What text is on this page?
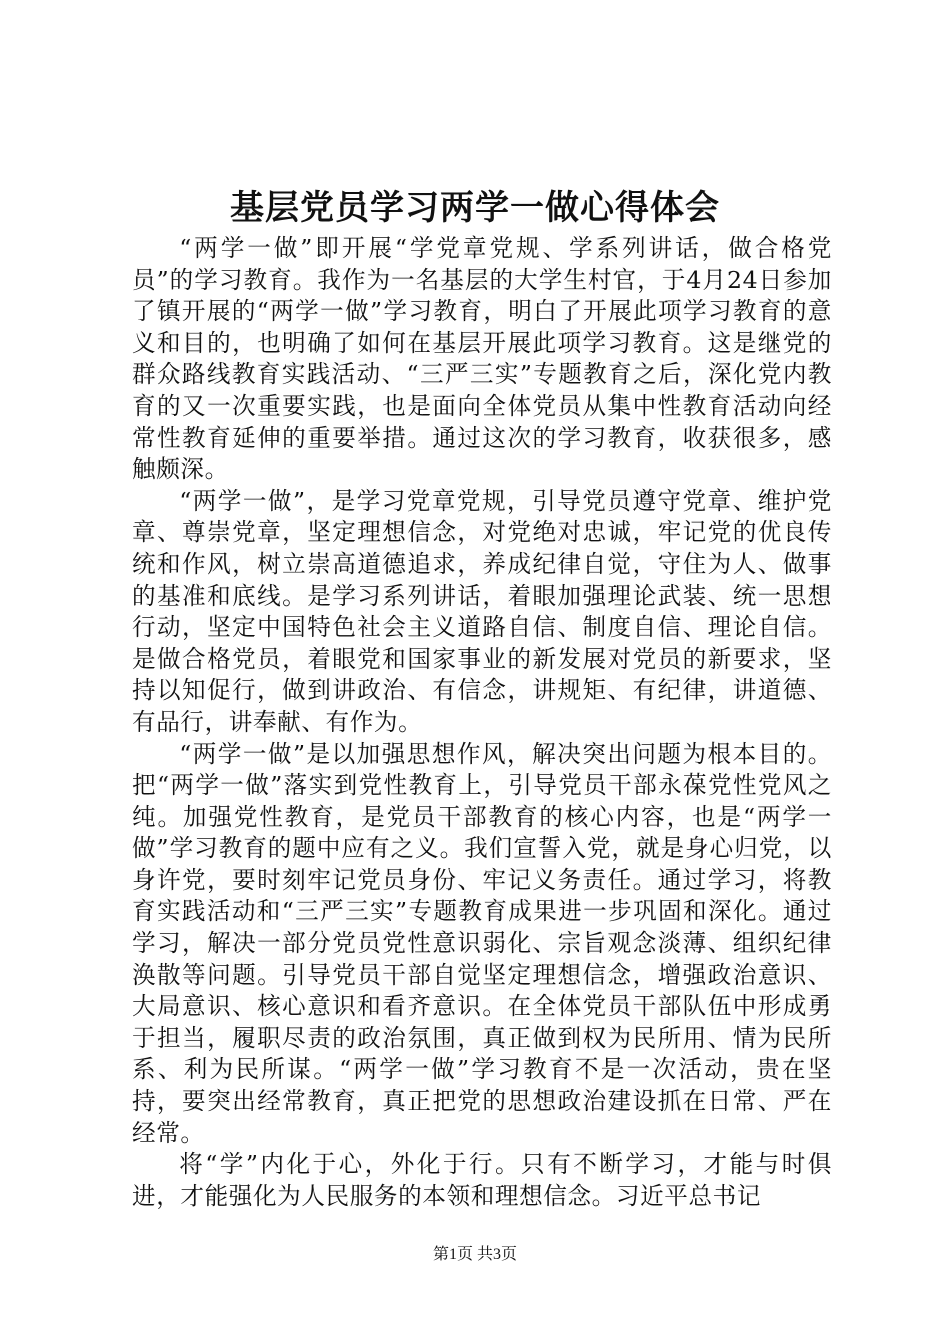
基层党员学习两学一做心得体会

“两学一做”即开展“学党章党规、学系列讲话，做合格党员”的学习教育。我作为一名基层的大学生村官，于4月24日参加了镇开展的“两学一做”学习教育，明白了开展此项学习教育的意义和目的，也明确了如何在基层开展此项学习教育。这是继党的群众路线教育实践活动、“三严三实”专题教育之后，深化党内教育的又一次重要实践，也是面向全体党员从集中性教育活动向经常性教育延伸的重要举措。通过这次的学习教育，收获很多，感触颇深。

“两学一做”，是学习党章党规，引导党员遵守党章、维护党章、尊崇党章，坚定理想信念，对党绝对忠诚，牢记党的优良传统和作风，树立崇高道德追求，养成纪律自觉，守住为人、做事的基准和底线。是学习系列讲话，着眼加强理论武装、统一思想行动，坚定中国特色社会主义道路自信、制度自信、理论自信。是做合格党员，着眼党和国家事业的新发展对党员的新要求，坚持以知促行，做到讲政治、有信念，讲规矩、有纪律，讲道德、有品行，讲奉献、有作为。

“两学一做”是以加强思想作风，解决突出问题为根本目的。把“两学一做”落实到党性教育上，引导党员干部永葆党性党风之纯。加强党性教育，是党员干部教育的核心内容，也是“两学一做”学习教育的题中应有之义。我们宣誓入党，就是身心归党，以身许党，要时刻牢记党员身份、牢记义务责任。通过学习，将教育实践活动和“三严三实”专题教育成果进一步巩固和深化。通过学习，解决一部分党员党性意识弱化、宗旨观念淡薄、组织纪律涣散等问题。引导党员干部自觉坚定理想信念，增强政治意识、大局意识、核心意识和看齐意识。在全体党员干部队伍中形成勇于担当，履职尽责的政治氛围，真正做到权为民所用、情为民所系、利为民所谋。“两学一做”学习教育不是一次活动，贵在坚持，要突出经常教育，真正把党的思想政治建设抓在日常、严在经常。

将“学”内化于心，外化于行。只有不断学习，才能与时俱进，才能强化为人民服务的本领和理想信念。习近平总书记

第1页 共3页
